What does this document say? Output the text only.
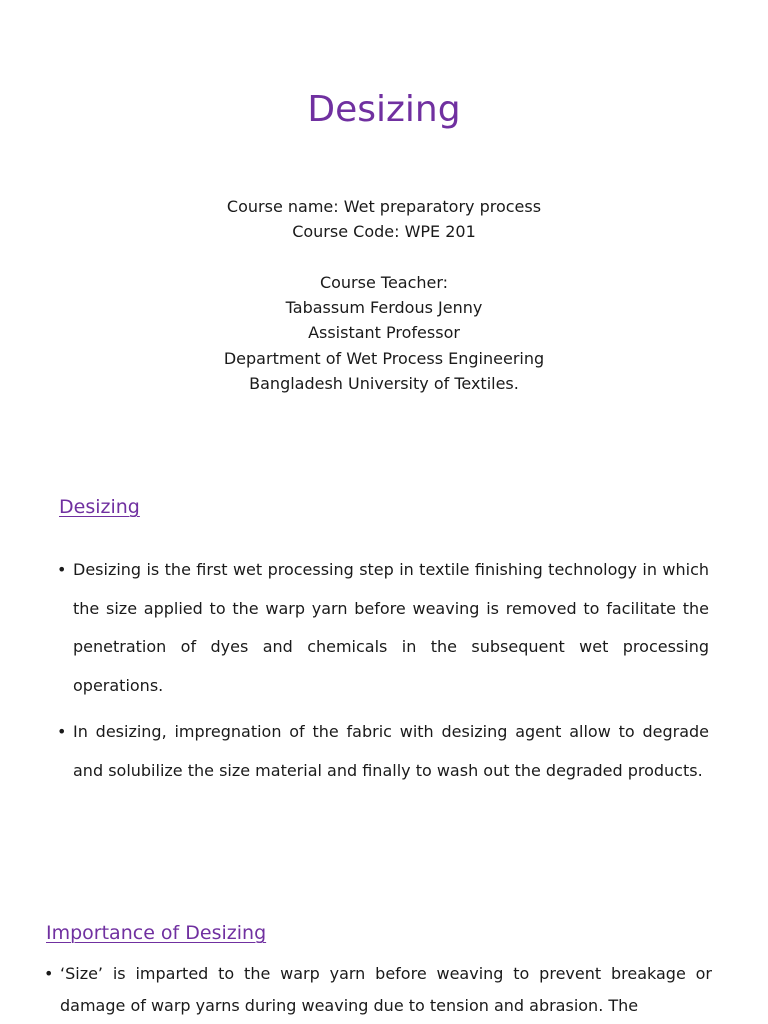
Desizing
Course name: Wet preparatory process
Course Code: WPE 201
Course Teacher:
Tabassum Ferdous Jenny
Assistant Professor
Department of Wet Process Engineering
Bangladesh University of Textiles.
Desizing
• Desizing is the first wet processing step in textile finishing technology in which the size applied to the warp yarn before weaving is removed to facilitate the penetration of dyes and chemicals in the subsequent wet processing operations.
• In desizing, impregnation of the fabric with desizing agent allow to degrade and solubilize the size material and finally to wash out the degraded products.
Importance of Desizing
• ‘Size’ is imparted to the warp yarn before weaving to prevent breakage or damage of warp yarns during weaving due to tension and abrasion. The
